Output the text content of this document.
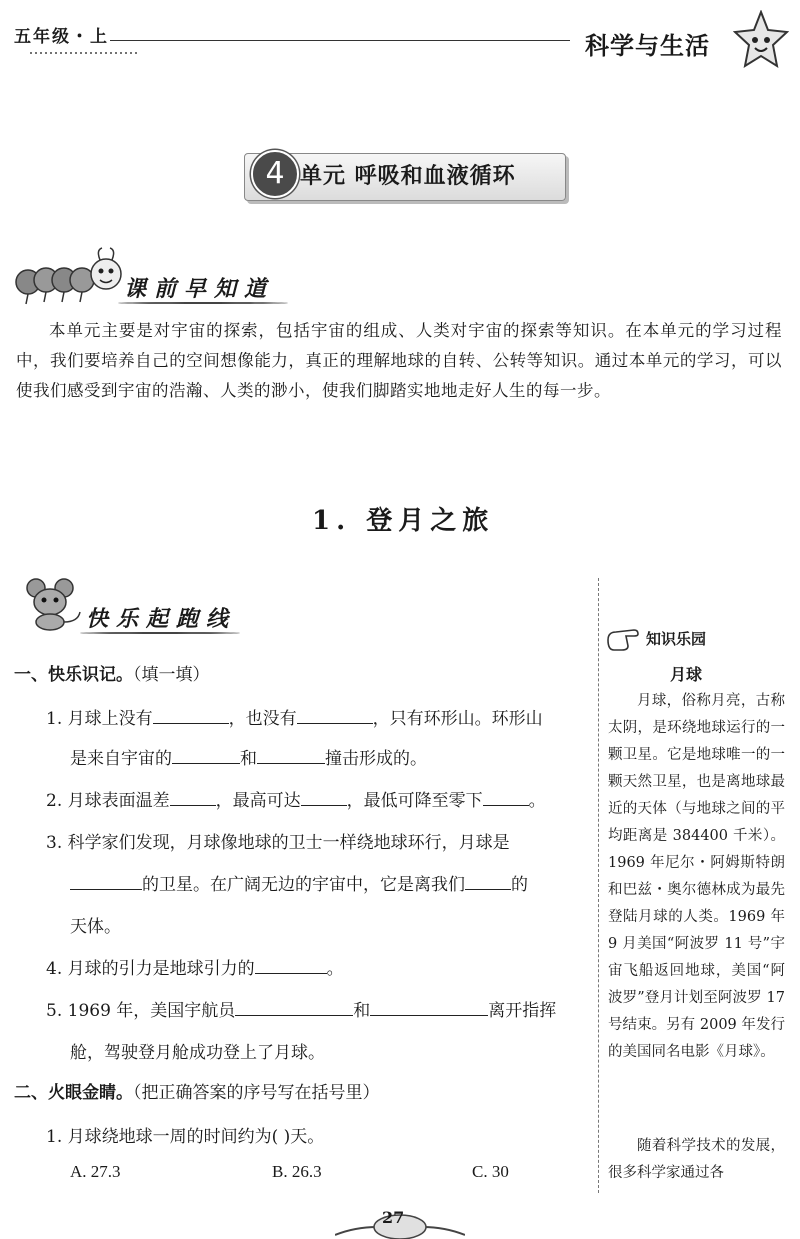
五年级・上	科学与生活
4 单元 呼吸和血液循环
课前早知道
本单元主要是对宇宙的探索，包括宇宙的组成、人类对宇宙的探索等知识。在本单元的学习过程中，我们要培养自己的空间想像能力，真正的理解地球的自转、公转等知识。通过本单元的学习，可以使我们感受到宇宙的浩瀚、人类的渺小，使我们脚踏实地地走好人生的每一步。
1. 登月之旅
快乐起跑线
一、快乐识记。（填一填）
1. 月球上没有	，也没有	，只有环形山。环形山
是来自宇宙的	和	撞击形成的。
2. 月球表面温差	，最高可达	，最低可降至零下	。
3. 科学家们发现，月球像地球的卫士一样绕地球环行，月球是
的卫星。在广阔无边的宇宙中，它是离我们	的
天体。
4. 月球的引力是地球引力的	。
5. 1969 年，美国宇航员	和	离开指挥
舱，驾驶登月舱成功登上了月球。
二、火眼金睛。（把正确答案的序号写在括号里）
1. 月球绕地球一周的时间约为( )天。
A. 27.3	B. 26.3	C. 30
知识乐园
月球
月球，俗称月亮，古称太阴，是环绕地球运行的一颗卫星。它是地球唯一的一颗天然卫星，也是离地球最近的天体（与地球之间的平均距离是 384400 千米）。1969 年尼尔・阿姆斯特朗和巴兹・奥尔德林成为最先登陆月球的人类。1969 年 9 月美国“阿波罗 11 号”宇宙飞船返回地球，美国“阿波罗”登月计划至阿波罗 17 号结束。另有 2009 年发行的美国同名电影《月球》。
随着科学技术的发展，很多科学家通过各
27
